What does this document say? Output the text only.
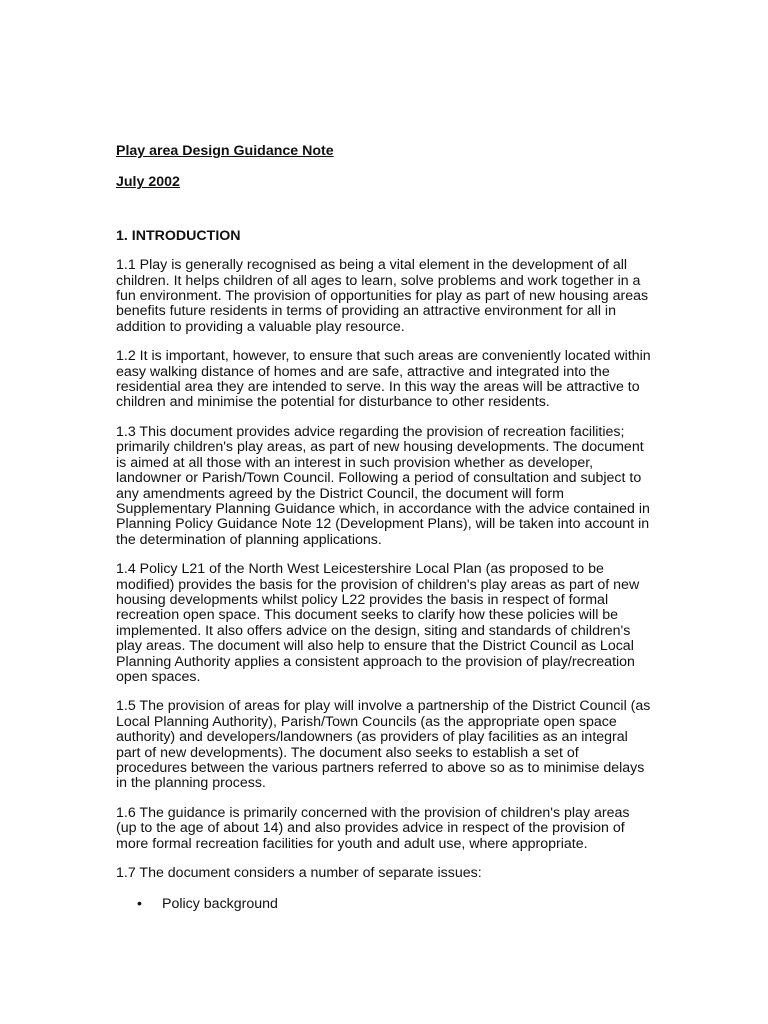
Play area Design Guidance Note

July 2002

1. INTRODUCTION

1.1 Play is generally recognised as being a vital element in the development of all
children. It helps children of all ages to learn, solve problems and work together in a
fun environment. The provision of opportunities for play as part of new housing areas
benefits future residents in terms of providing an attractive environment for all in
addition to providing a valuable play resource.

1.2 It is important, however, to ensure that such areas are conveniently located within
easy walking distance of homes and are safe, attractive and integrated into the
residential area they are intended to serve. In this way the areas will be attractive to
children and minimise the potential for disturbance to other residents.

1.3 This document provides advice regarding the provision of recreation facilities;
primarily children's play areas, as part of new housing developments. The document
is aimed at all those with an interest in such provision whether as developer,
landowner or Parish/Town Council. Following a period of consultation and subject to
any amendments agreed by the District Council, the document will form
Supplementary Planning Guidance which, in accordance with the advice contained in
Planning Policy Guidance Note 12 (Development Plans), will be taken into account in
the determination of planning applications.

1.4 Policy L21 of the North West Leicestershire Local Plan (as proposed to be
modified) provides the basis for the provision of children's play areas as part of new
housing developments whilst policy L22 provides the basis in respect of formal
recreation open space. This document seeks to clarify how these policies will be
implemented. It also offers advice on the design, siting and standards of children's
play areas. The document will also help to ensure that the District Council as Local
Planning Authority applies a consistent approach to the provision of play/recreation
open spaces.

1.5 The provision of areas for play will involve a partnership of the District Council (as
Local Planning Authority), Parish/Town Councils (as the appropriate open space
authority) and developers/landowners (as providers of play facilities as an integral
part of new developments). The document also seeks to establish a set of
procedures between the various partners referred to above so as to minimise delays
in the planning process.

1.6 The guidance is primarily concerned with the provision of children's play areas
(up to the age of about 14) and also provides advice in respect of the provision of
more formal recreation facilities for youth and adult use, where appropriate.

1.7 The document considers a number of separate issues:

• Policy background
